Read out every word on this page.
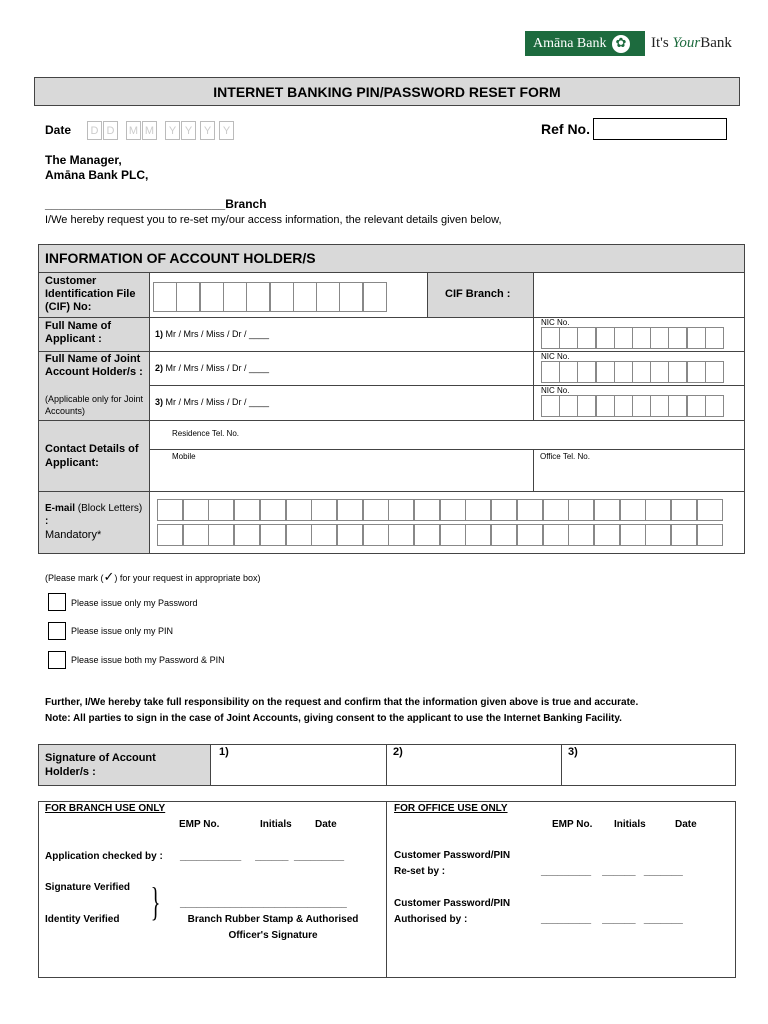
Amāna Bank
✿	It's YourBank
INTERNET BANKING PIN/PASSWORD RESET FORM
Date	D D	M M	Y Y	Y	Y	Ref No.
The Manager,
Amāna Bank PLC,
___________________________Branch
I/We hereby request you to re-set my/our access information, the relevant details given below,
INFORMATION OF ACCOUNT HOLDER/S
Customer Identification File (CIF) No:
CIF Branch :
Full Name of Applicant :
Full Name of Joint Account Holder/s :
(Applicable only for Joint Accounts)
1) Mr / Mrs / Miss / Dr / ____
2) Mr / Mrs / Miss / Dr / ____
3) Mr / Mrs / Miss / Dr / ____
NIC No.
NIC No.
NIC No.
Contact Details of Applicant:
Residence Tel. No.
Mobile	Office Tel. No.
E-mail (Block Letters) :
Mandatory*
(Please mark (✓) for your request in appropriate box)
Please issue only my Password
Please issue only my PIN
Please issue both my Password & PIN
Further, I/We hereby take full responsibility on the request and confirm that the information given above is true and accurate.
Note: All parties to sign in the case of Joint Accounts, giving consent to the applicant to use the Internet Banking Facility.
Signature of Account Holder/s :
1)	2)	3)
FOR BRANCH USE ONLY
EMP No.	Initials Date
Application checked by : ___________     ______  _________
Signature Verified
Identity Verified } ______________________________
Branch Rubber Stamp & Authorised
Officer's Signature
FOR OFFICE USE ONLY
EMP No. Initials	Date
Customer Password/PIN
Re-set by :	_________    ______   _______
Customer Password/PIN
Authorised by :	_________    ______   _______
